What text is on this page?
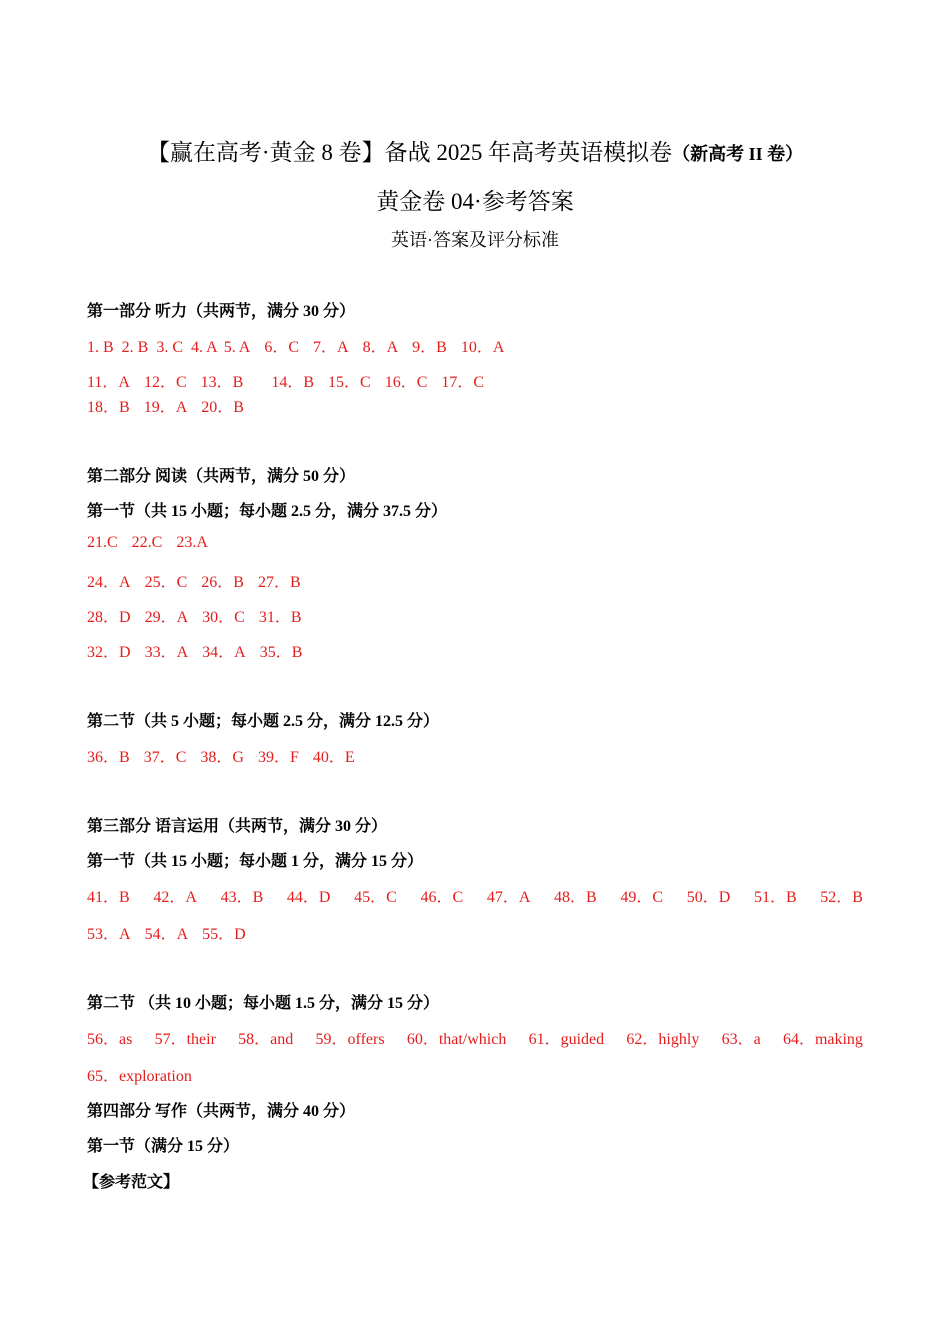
【赢在高考·黄金 8 卷】备战 2025 年高考英语模拟卷（新高考 II 卷）
黄金卷 04·参考答案
英语·答案及评分标准
第一部分 听力（共两节，满分 30 分）
1. B 2. B 3. C 4. A 5. A 6．C 7．A 8．A 9．B 10．A
11．A 12．C 13．B 14．B 15．C 16．C 17．C
18．B 19．A 20．B
第二部分 阅读（共两节，满分 50 分）
第一节（共 15 小题；每小题 2.5 分，满分 37.5 分）
21.C 22.C 23.A
24．A 25．C 26．B 27．B
28．D 29．A 30．C 31．B
32．D 33．A 34．A 35．B
第二节（共 5 小题；每小题 2.5 分，满分 12.5 分）
36．B 37．C 38．G 39．F 40．E
第三部分 语言运用（共两节，满分 30 分）
第一节（共 15 小题；每小题 1 分，满分 15 分）
41．B 42．A 43．B 44．D 45．C 46．C 47．A 48．B 49．C 50．D 51．B 52．B
53．A 54．A 55．D
第二节 （共 10 小题；每小题 1.5 分，满分 15 分）
56．as 57．their 58．and 59．offers 60．that/which 61．guided 62．highly 63．a 64．making
65．exploration
第四部分 写作（共两节，满分 40 分）
第一节（满分 15 分）
【参考范文】
